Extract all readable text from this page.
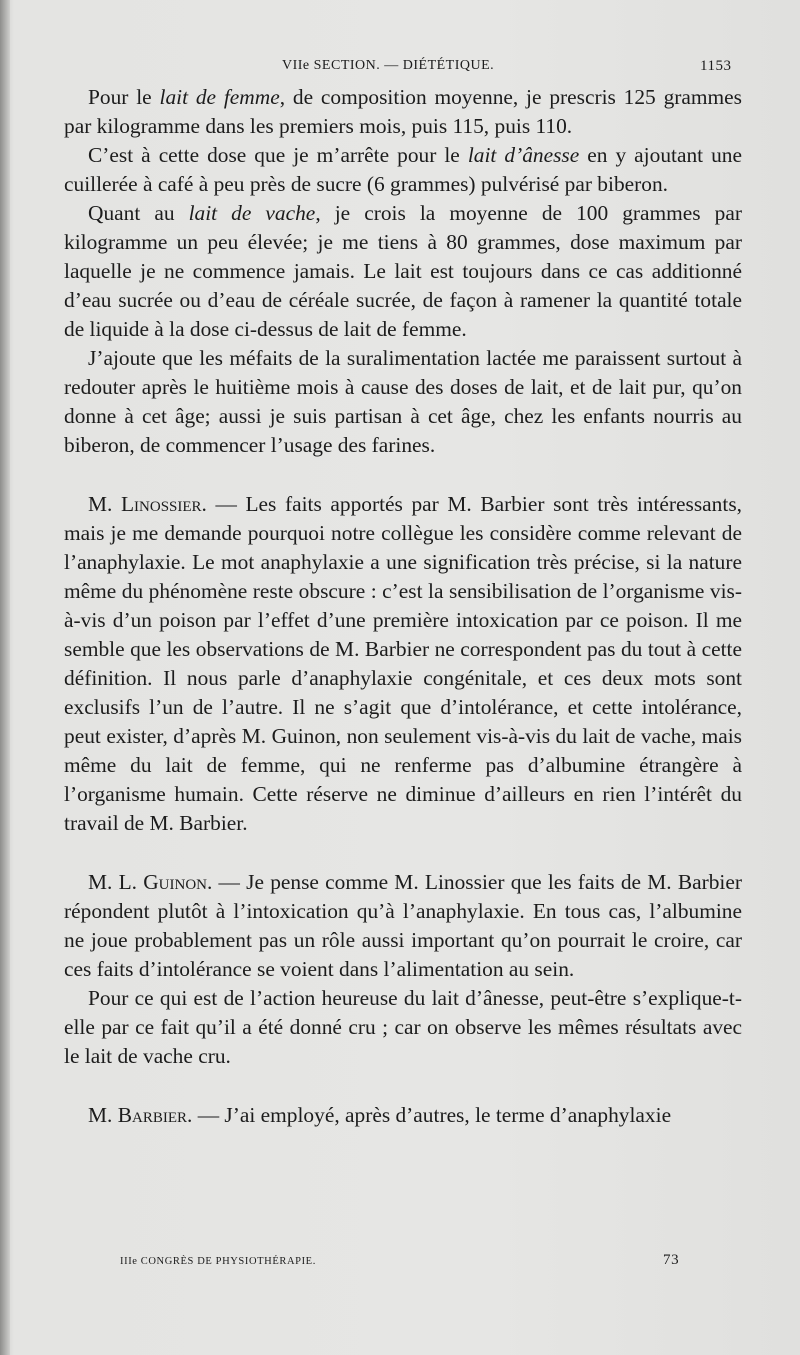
VIIe SECTION. — DIÉTÉTIQUE.	1153

Pour le lait de femme, de composition moyenne, je prescris 125 grammes par kilogramme dans les premiers mois, puis 115, puis 110.

C’est à cette dose que je m’arrête pour le lait d’ânesse en y ajoutant une cuillerée à café à peu près de sucre (6 grammes) pulvérisé par biberon.

Quant au lait de vache, je crois la moyenne de 100 grammes par kilogramme un peu élevée; je me tiens à 80 grammes, dose maximum par laquelle je ne commence jamais. Le lait est toujours dans ce cas additionné d’eau sucrée ou d’eau de céréale sucrée, de façon à ramener la quantité totale de liquide à la dose ci-dessus de lait de femme.

J’ajoute que les méfaits de la suralimentation lactée me paraissent surtout à redouter après le huitième mois à cause des doses de lait, et de lait pur, qu’on donne à cet âge; aussi je suis partisan à cet âge, chez les enfants nourris au biberon, de commencer l’usage des farines.

M. Linossier. — Les faits apportés par M. Barbier sont très intéressants, mais je me demande pourquoi notre collègue les considère comme relevant de l’anaphylaxie. Le mot anaphylaxie a une signification très précise, si la nature même du phénomène reste obscure : c’est la sensibilisation de l’organisme vis-à-vis d’un poison par l’effet d’une première intoxication par ce poison. Il me semble que les observations de M. Barbier ne correspondent pas du tout à cette définition. Il nous parle d’anaphylaxie congénitale, et ces deux mots sont exclusifs l’un de l’autre. Il ne s’agit que d’intolérance, et cette intolérance, peut exister, d’après M. Guinon, non seulement vis-à-vis du lait de vache, mais même du lait de femme, qui ne renferme pas d’albumine étrangère à l’organisme humain. Cette réserve ne diminue d’ailleurs en rien l’intérêt du travail de M. Barbier.

M. L. Guinon. — Je pense comme M. Linossier que les faits de M. Barbier répondent plutôt à l’intoxication qu’à l’anaphylaxie. En tous cas, l’albumine ne joue probablement pas un rôle aussi important qu’on pourrait le croire, car ces faits d’intolérance se voient dans l’alimentation au sein.

Pour ce qui est de l’action heureuse du lait d’ânesse, peut-être s’explique-t-elle par ce fait qu’il a été donné cru ; car on observe les mêmes résultats avec le lait de vache cru.

M. Barbier. — J’ai employé, après d’autres, le terme d’anaphylaxie

IIIe CONGRÈS DE PHYSIOTHÉRAPIE.	73
